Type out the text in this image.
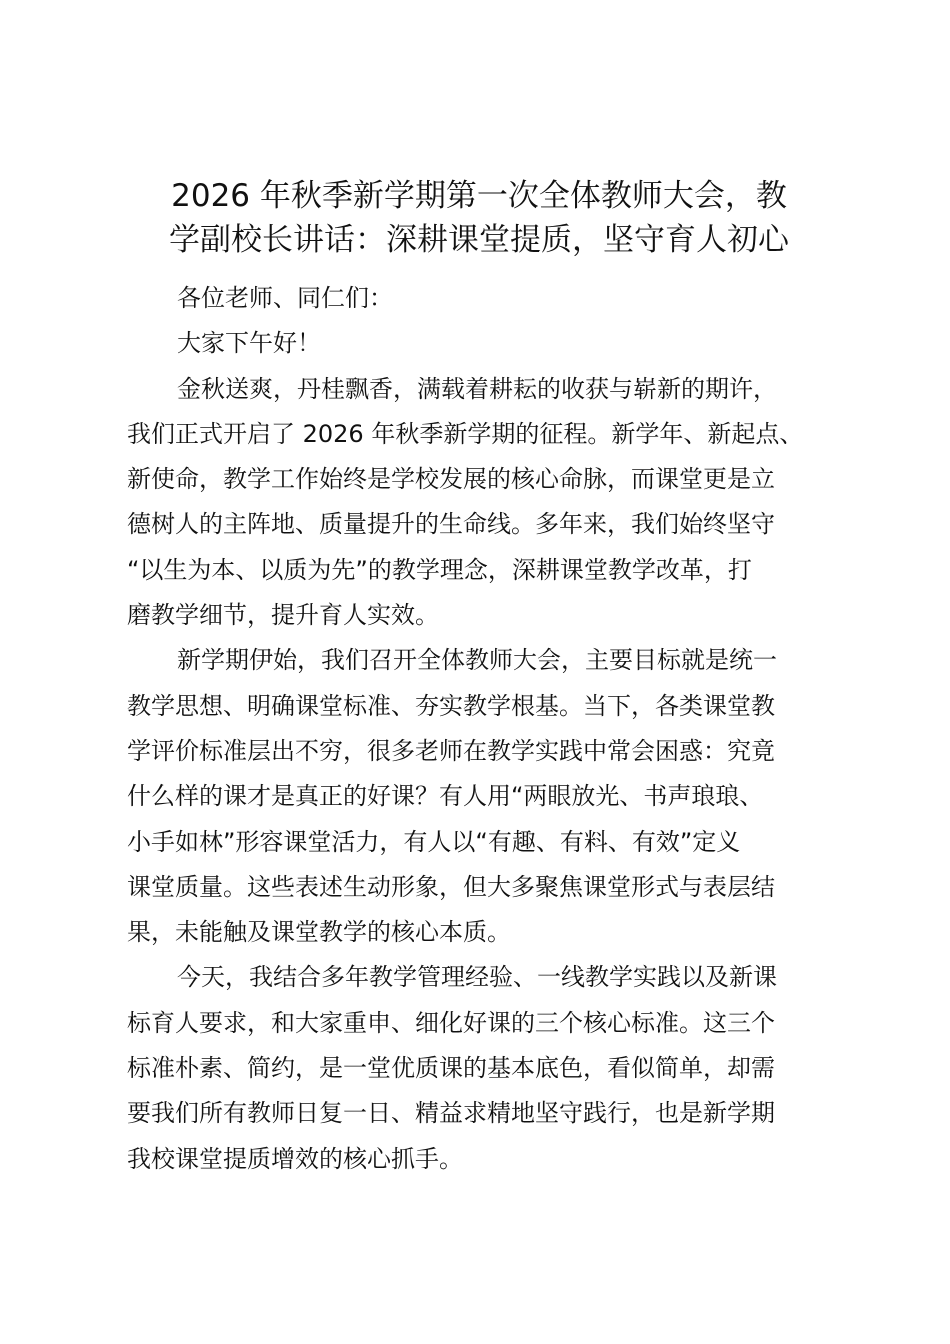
2026 年秋季新学期第一次全体教师大会，教
学副校长讲话：深耕课堂提质，坚守育人初心
各位老师、同仁们：
大家下午好！
金秋送爽，丹桂飘香，满载着耕耘的收获与崭新的期许，
我们正式开启了 2026 年秋季新学期的征程。新学年、新起点、
新使命，教学工作始终是学校发展的核心命脉，而课堂更是立
德树人的主阵地、质量提升的生命线。多年来，我们始终坚守
“以生为本、以质为先”的教学理念，深耕课堂教学改革，打
磨教学细节，提升育人实效。
新学期伊始，我们召开全体教师大会，主要目标就是统一
教学思想、明确课堂标准、夯实教学根基。当下，各类课堂教
学评价标准层出不穷，很多老师在教学实践中常会困惑：究竟
什么样的课才是真正的好课？有人用“两眼放光、书声琅琅、
小手如林”形容课堂活力，有人以“有趣、有料、有效”定义
课堂质量。这些表述生动形象，但大多聚焦课堂形式与表层结
果，未能触及课堂教学的核心本质。
今天，我结合多年教学管理经验、一线教学实践以及新课
标育人要求，和大家重申、细化好课的三个核心标准。这三个
标准朴素、简约，是一堂优质课的基本底色，看似简单，却需
要我们所有教师日复一日、精益求精地坚守践行，也是新学期
我校课堂提质增效的核心抓手。
